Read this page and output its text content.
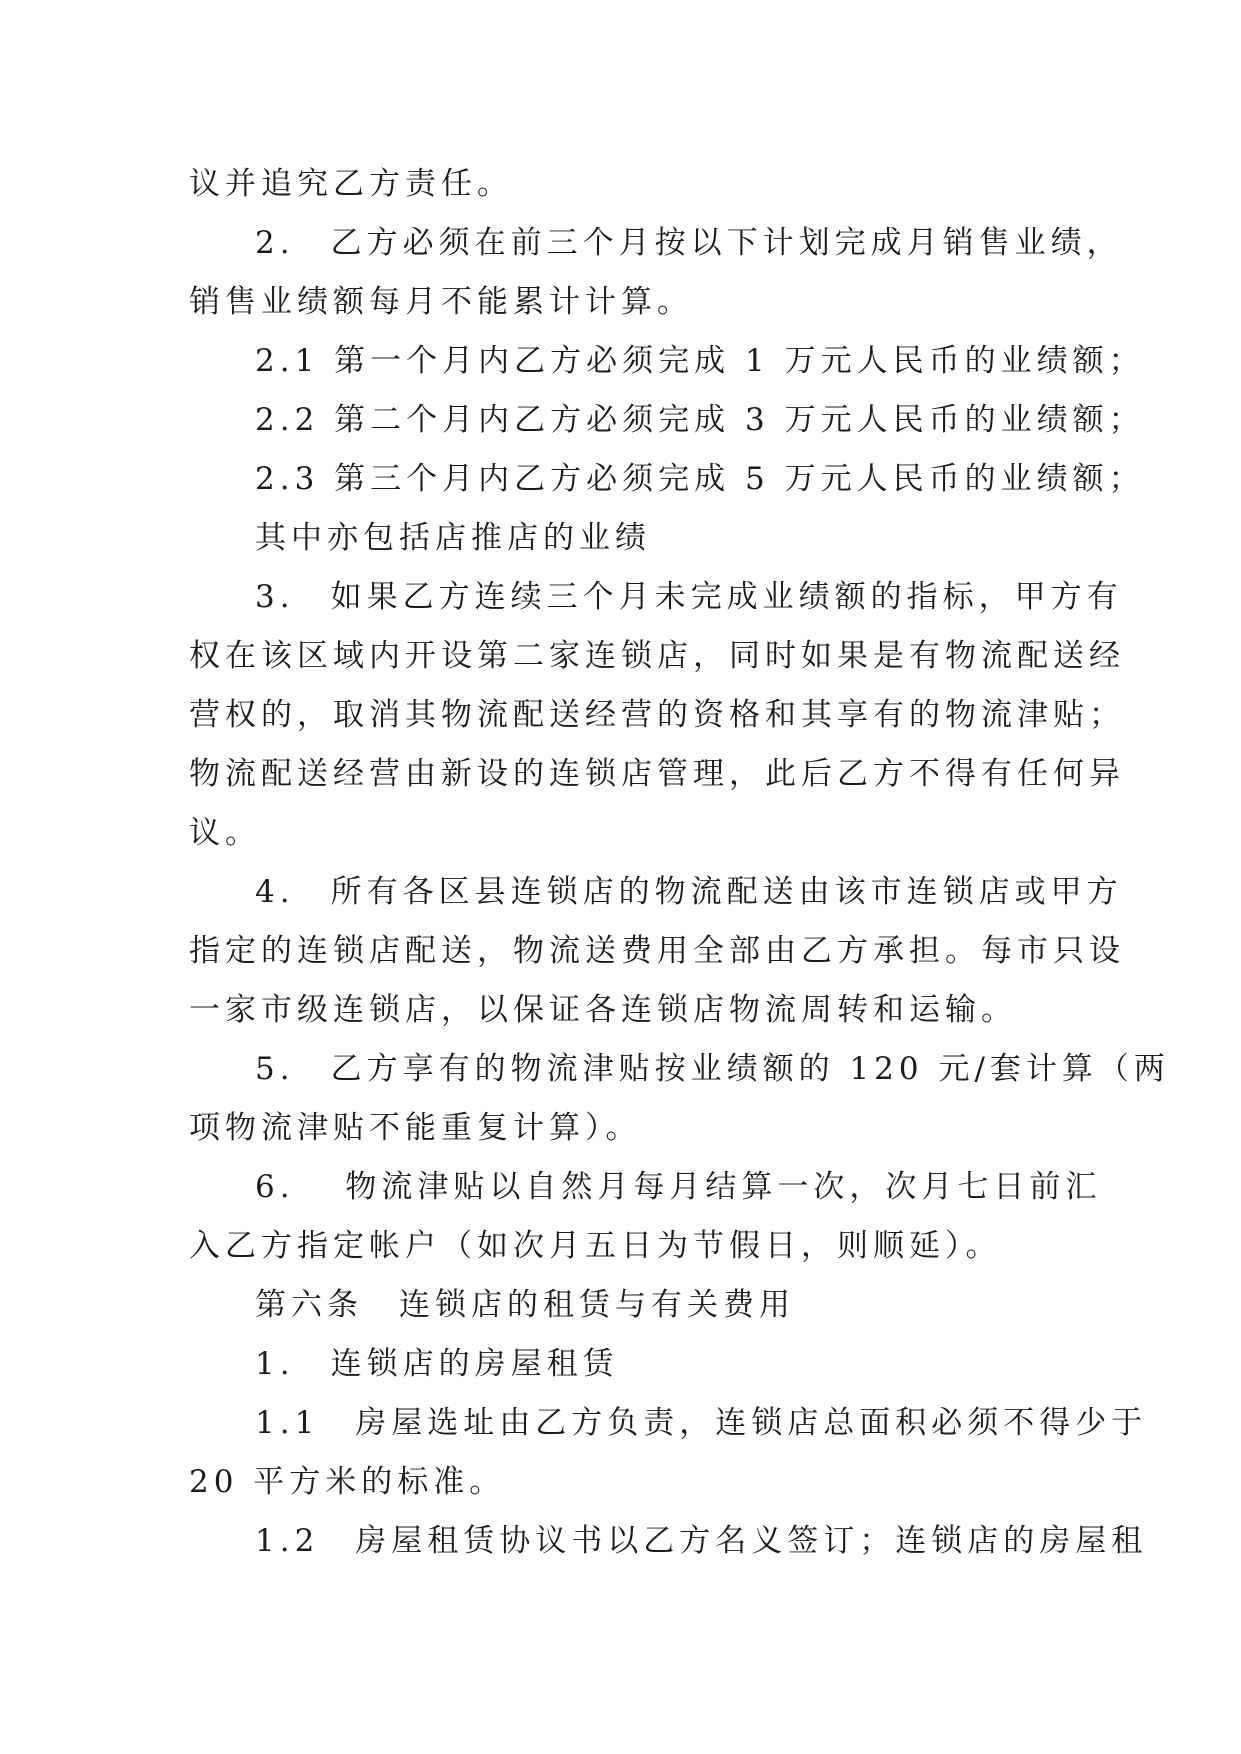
议并追究乙方责任。
2.　乙方必须在前三个月按以下计划完成月销售业绩，
销售业绩额每月不能累计计算。
2.1 第一个月内乙方必须完成 1 万元人民币的业绩额；
2.2 第二个月内乙方必须完成 3 万元人民币的业绩额；
2.3 第三个月内乙方必须完成 5 万元人民币的业绩额；
其中亦包括店推店的业绩
3.　如果乙方连续三个月未完成业绩额的指标，甲方有
权在该区域内开设第二家连锁店，同时如果是有物流配送经
营权的，取消其物流配送经营的资格和其享有的物流津贴；
物流配送经营由新设的连锁店管理，此后乙方不得有任何异
议。
4.　所有各区县连锁店的物流配送由该市连锁店或甲方
指定的连锁店配送，物流送费用全部由乙方承担。每市只设
一家市级连锁店，以保证各连锁店物流周转和运输。
5.　乙方享有的物流津贴按业绩额的 120 元/套计算（两
项物流津贴不能重复计算）。
6.　 物流津贴以自然月每月结算一次，次月七日前汇
入乙方指定帐户（如次月五日为节假日，则顺延）。
第六条　连锁店的租赁与有关费用
1.　连锁店的房屋租赁
1.1　房屋选址由乙方负责，连锁店总面积必须不得少于
20 平方米的标准。
1.2　房屋租赁协议书以乙方名义签订；连锁店的房屋租
